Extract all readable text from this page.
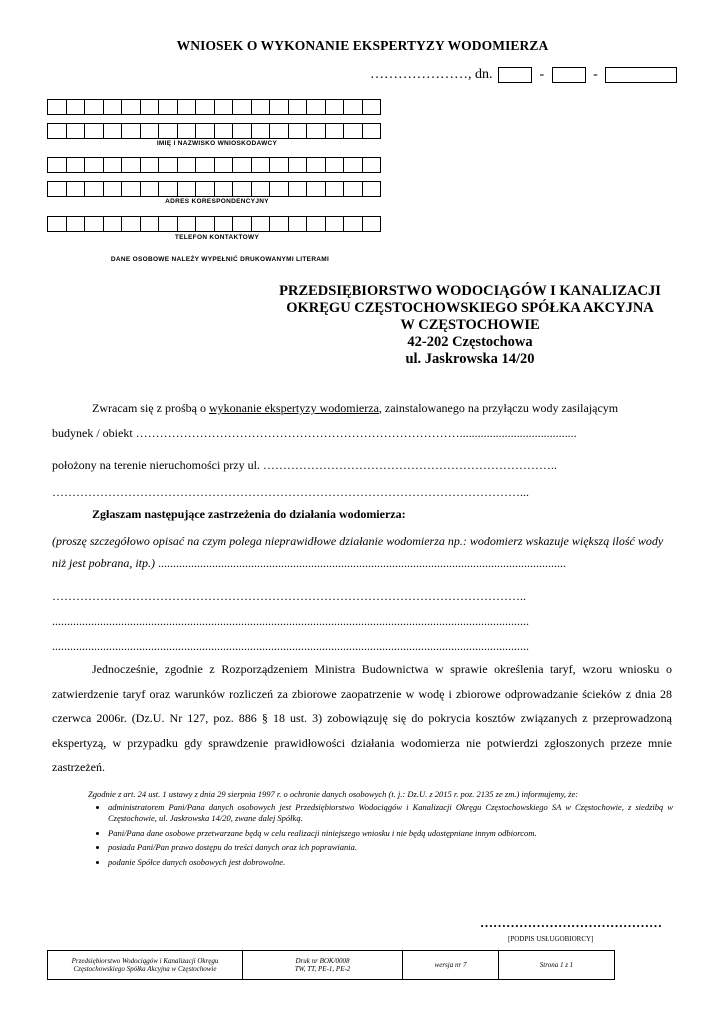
WNIOSEK O WYKONANIE EKSPERTYZY WODOMIERZA
…………………, dn.	-	-
IMIĘ I NAZWISKO WNIOSKODAWCY
ADRES KORESPONDENCYJNY
TELEFON KONTAKTOWY
DANE OSOBOWE NALEŻY WYPEŁNIĆ DRUKOWANYMI LITERAMI
PRZEDSIĘBIORSTWO WODOCIĄGÓW I KANALIZACJI
OKRĘGU CZĘSTOCHOWSKIEGO SPÓŁKA AKCYJNA
W CZĘSTOCHOWIE
42-202 Częstochowa
ul. Jaskrowska 14/20
Zwracam się z prośbą o wykonanie ekspertyzy wodomierza, zainstalowanego na przyłączu wody zasilającym
budynek / obiekt ……………………………………………………………………….......................................
położony na terenie nieruchomości przy ul. ………………………………………………………………..
………………………………………………………………………………………………………...
Zgłaszam następujące zastrzeżenia do działania wodomierza:
(proszę szczegółowo opisać na czym polega nieprawidłowe działanie wodomierza np.: wodomierz wskazuje większą ilość wody
niż jest pobrana, itp.) ........................................................................................................................................
………………………………………………………………………………………………………..
...............................................................................................................................................................
...............................................................................................................................................................
Jednocześnie, zgodnie z Rozporządzeniem Ministra Budownictwa w sprawie określenia taryf, wzoru wniosku o zatwierdzenie taryf oraz warunków rozliczeń za zbiorowe zaopatrzenie w wodę i zbiorowe odprowadzanie ścieków z dnia 28 czerwca 2006r. (Dz.U. Nr 127, poz. 886 § 18 ust. 3) zobowiązuję się do pokrycia kosztów związanych z przeprowadzoną ekspertyzą, w przypadku gdy sprawdzenie prawidłowości działania wodomierza nie potwierdzi zgłoszonych przeze mnie zastrzeżeń.
Zgodnie z art. 24 ust. 1 ustawy z dnia 29 sierpnia 1997 r. o ochronie danych osobowych (t. j.: Dz.U. z 2015 r. poz. 2135 ze zm.) informujemy, że:
• administratorem Pani/Pana danych osobowych jest Przedsiębiorstwo Wodociągów i Kanalizacji Okręgu Częstochowskiego SA w Częstochowie, z siedzibą w Częstochowie, ul. Jaskrowska 14/20, zwane dalej Spółką.
• Pani/Pana dane osobowe przetwarzane będą w celu realizacji niniejszego wniosku i nie będą udostępniane innym odbiorcom.
• posiada Pani/Pan prawo dostępu do treści danych oraz ich poprawiania.
• podanie Spółce danych osobowych jest dobrowolne.
……………………………………
[PODPIS USŁUGOBIORCY]
Przedsiębiorstwo Wodociągów i Kanalizacji Okręgu Częstochowskiego Spółka Akcyjna w Częstochowie
Druk nr BOK/0008
TW, TT, PE-1, PE-2
wersja nr 7	Strona 1 z 1
